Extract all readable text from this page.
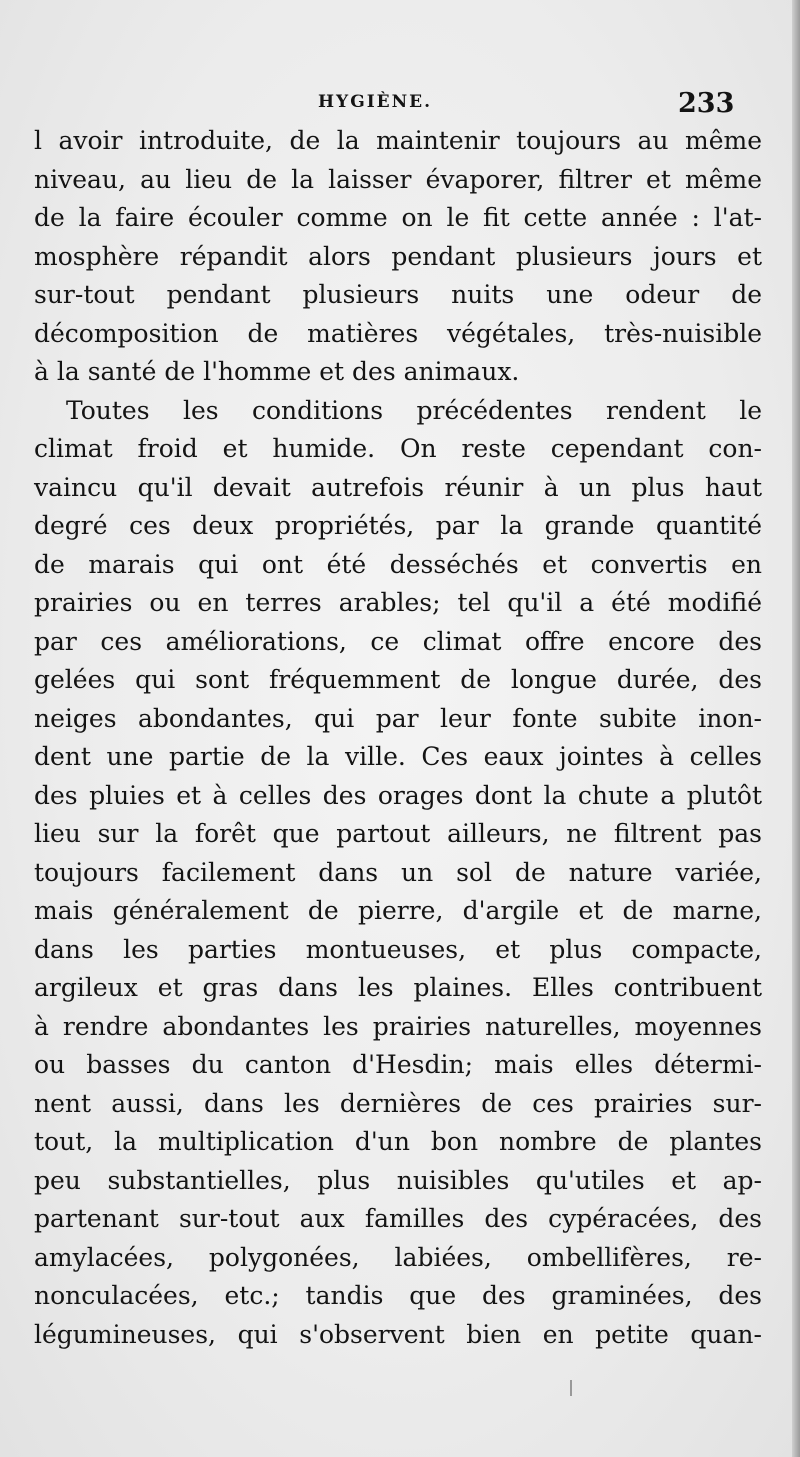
HYGIÈNE.	233
l avoir introduite, de la maintenir toujours au même
niveau, au lieu de la laisser évaporer, filtrer et même
de la faire écouler comme on le fit cette année : l'at-
mosphère répandit alors pendant plusieurs jours et
sur-tout pendant plusieurs nuits une odeur de
décomposition de matières végétales, très-nuisible
à la santé de l'homme et des animaux.
Toutes les conditions précédentes rendent le
climat froid et humide. On reste cependant con-
vaincu qu'il devait autrefois réunir à un plus haut
degré ces deux propriétés, par la grande quantité
de marais qui ont été desséchés et convertis en
prairies ou en terres arables; tel qu'il a été modifié
par ces améliorations, ce climat offre encore des
gelées qui sont fréquemment de longue durée, des
neiges abondantes, qui par leur fonte subite inon-
dent une partie de la ville. Ces eaux jointes à celles
des pluies et à celles des orages dont la chute a plutôt
lieu sur la forêt que partout ailleurs, ne filtrent pas
toujours facilement dans un sol de nature variée,
mais généralement de pierre, d'argile et de marne,
dans les parties montueuses, et plus compacte,
argileux et gras dans les plaines. Elles contribuent
à rendre abondantes les prairies naturelles, moyennes
ou basses du canton d'Hesdin; mais elles détermi-
nent aussi, dans les dernières de ces prairies sur-
tout, la multiplication d'un bon nombre de plantes
peu substantielles, plus nuisibles qu'utiles et ap-
partenant sur-tout aux familles des cypéracées, des
amylacées, polygonées, labiées, ombellifères, re-
nonculacées, etc.; tandis que des graminées, des
légumineuses, qui s'observent bien en petite quan-
